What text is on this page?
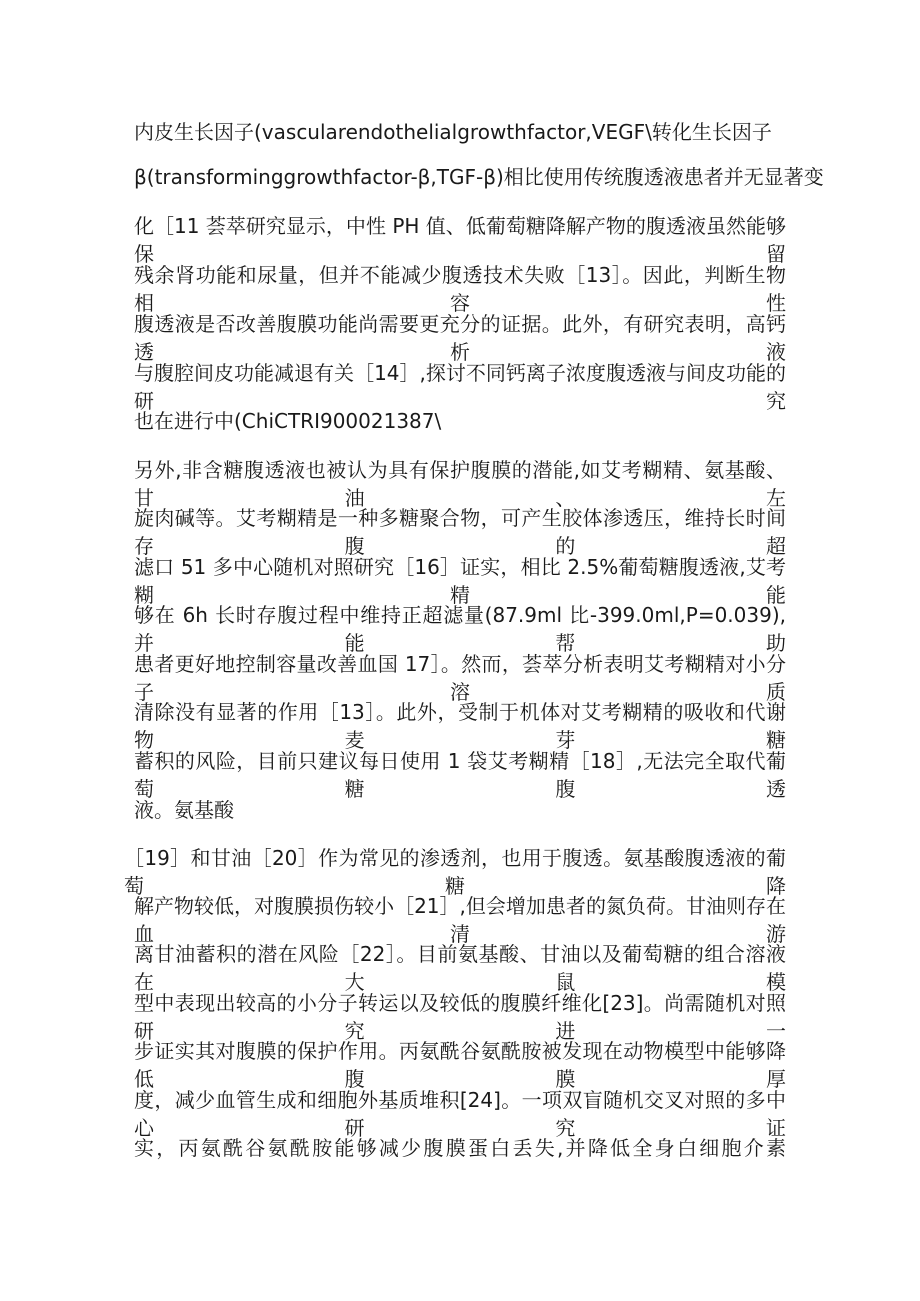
内皮生长因子(vascularendothelialgrowthfactor,VEGF\转化生长因子
β(transforminggrowthfactor-β,TGF-β)相比使用传统腹透液患者并无显著变
化［11 荟萃研究显示，中性 PH 值、低葡萄糖降解产物的腹透液虽然能够保留
残余肾功能和尿量，但并不能减少腹透技术失败［13］。因此，判断生物相容性
腹透液是否改善腹膜功能尚需要更充分的证据。此外，有研究表明，高钙透析液
与腹腔间皮功能减退有关［14］,探讨不同钙离子浓度腹透液与间皮功能的研究
也在进行中(ChiCTRI900021387\
另外,非含糖腹透液也被认为具有保护腹膜的潜能,如艾考糊精、氨基酸、甘油、左
旋肉碱等。艾考糊精是一种多糖聚合物，可产生胶体渗透压，维持长时间存腹的超
滤口 51 多中心随机对照研究［16］证实，相比 2.5%葡萄糖腹透液,艾考糊精能
够在 6h 长时存腹过程中维持正超滤量(87.9ml 比-399.0ml,P=0.039),并能帮助
患者更好地控制容量改善血国 17］。然而，荟萃分析表明艾考糊精对小分子溶质
清除没有显著的作用［13］。此外，受制于机体对艾考糊精的吸收和代谢物麦芽糖
蓄积的风险，目前只建议每日使用 1 袋艾考糊精［18］,无法完全取代葡萄糖腹透
液。氨基酸
［19］和甘油［20］作为常见的渗透剂，也用于腹透。氨基酸腹透液的葡萄糖降
解产物较低，对腹膜损伤较小［21］,但会增加患者的氮负荷。甘油则存在血清游
离甘油蓄积的潜在风险［22］。目前氨基酸、甘油以及葡萄糖的组合溶液在大鼠模
型中表现出较高的小分子转运以及较低的腹膜纤维化[23]。尚需随机对照研究进一
步证实其对腹膜的保护作用。丙氨酰谷氨酰胺被发现在动物模型中能够降低腹膜厚
度，减少血管生成和细胞外基质堆积[24]。一项双盲随机交叉对照的多中心研究证
实，丙氨酰谷氨酰胺能够减少腹膜蛋白丢失,并降低全身白细胞介素
